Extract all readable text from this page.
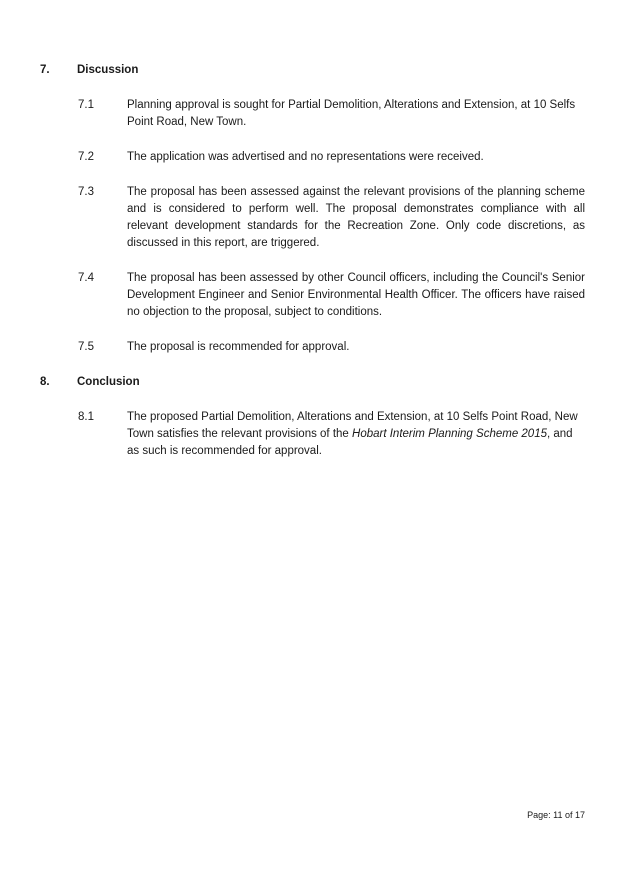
7.	Discussion
7.1	Planning approval is sought for Partial Demolition, Alterations and Extension, at 10 Selfs Point Road, New Town.
7.2	The application was advertised and no representations were received.
7.3	The proposal has been assessed against the relevant provisions of the planning scheme and is considered to perform well. The proposal demonstrates compliance with all relevant development standards for the Recreation Zone. Only code discretions, as discussed in this report, are triggered.
7.4	The proposal has been assessed by other Council officers, including the Council's Senior Development Engineer and Senior Environmental Health Officer. The officers have raised no objection to the proposal, subject to conditions.
7.5	The proposal is recommended for approval.
8.	Conclusion
8.1	The proposed Partial Demolition, Alterations and Extension, at 10 Selfs Point Road, New Town satisfies the relevant provisions of the Hobart Interim Planning Scheme 2015, and as such is recommended for approval.
Page: 11 of 17
